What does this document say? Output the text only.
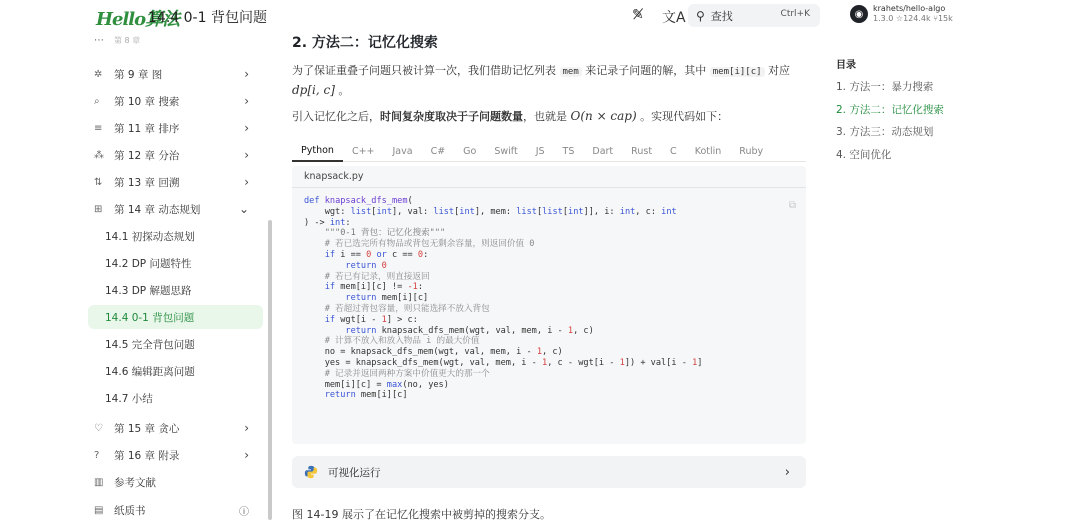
Hello算法
14.4 0-1 背包问题	✎̸ 文A ⚲ 查找	Ctrl+K	◉	krahets/hello-algo
1.3.0 ☆124.4k ⑂15k
⋯	第 8 章
✲	第 9 章 图	›
⌕	第 10 章 搜索	›
≡	第 11 章 排序	›
⁂ 第 12 章 分治	›
⇅	第 13 章 回溯	›
⊞	第 14 章 动态规划	⌄
14.1 初探动态规划
14.2 DP 问题特性
14.3 DP 解题思路
14.4 0-1 背包问题
14.5 完全背包问题
14.6 编辑距离问题
14.7 小结
♡	第 15 章 贪心	›
?	第 16 章 附录	›
▥	参考文献
▤	纸质书	ⓘ
2. 方法二：记忆化搜索
为了保证重叠子问题只被计算一次，我们借助记忆列表 mem 来记录子问题的解，其中 mem[i][c] 对应
dp[i, c] 。
引入记忆化之后，时间复杂度取决于子问题数量，也就是 O(n × cap) 。实现代码如下：
Python	C++	Java	C#	Go	Swift	JS	TS	Dart	Rust	C	Kotlin	Ruby
knapsack.py
⧉
def knapsack_dfs_mem(
wgt: list[int], val: list[int], mem: list[list[int]], i: int, c: int
) -> int:
"""0-1 背包：记忆化搜索"""
# 若已选完所有物品或背包无剩余容量，则返回价值 0
if i == 0 or c == 0:
return 0
# 若已有记录，则直接返回
if mem[i][c] != -1:
return mem[i][c]
# 若超过背包容量，则只能选择不放入背包
if wgt[i - 1] > c:
return knapsack_dfs_mem(wgt, val, mem, i - 1, c)
# 计算不放入和放入物品 i 的最大价值
no = knapsack_dfs_mem(wgt, val, mem, i - 1, c)
yes = knapsack_dfs_mem(wgt, val, mem, i - 1, c - wgt[i - 1]) + val[i - 1]
# 记录并返回两种方案中价值更大的那一个
mem[i][c] = max(no, yes)
return mem[i][c]
可视化运行	›
图 14-19 展示了在记忆化搜索中被剪掉的搜索分支。
目录
1. 方法一：暴力搜索
2. 方法二：记忆化搜索
3. 方法三：动态规划
4. 空间优化
